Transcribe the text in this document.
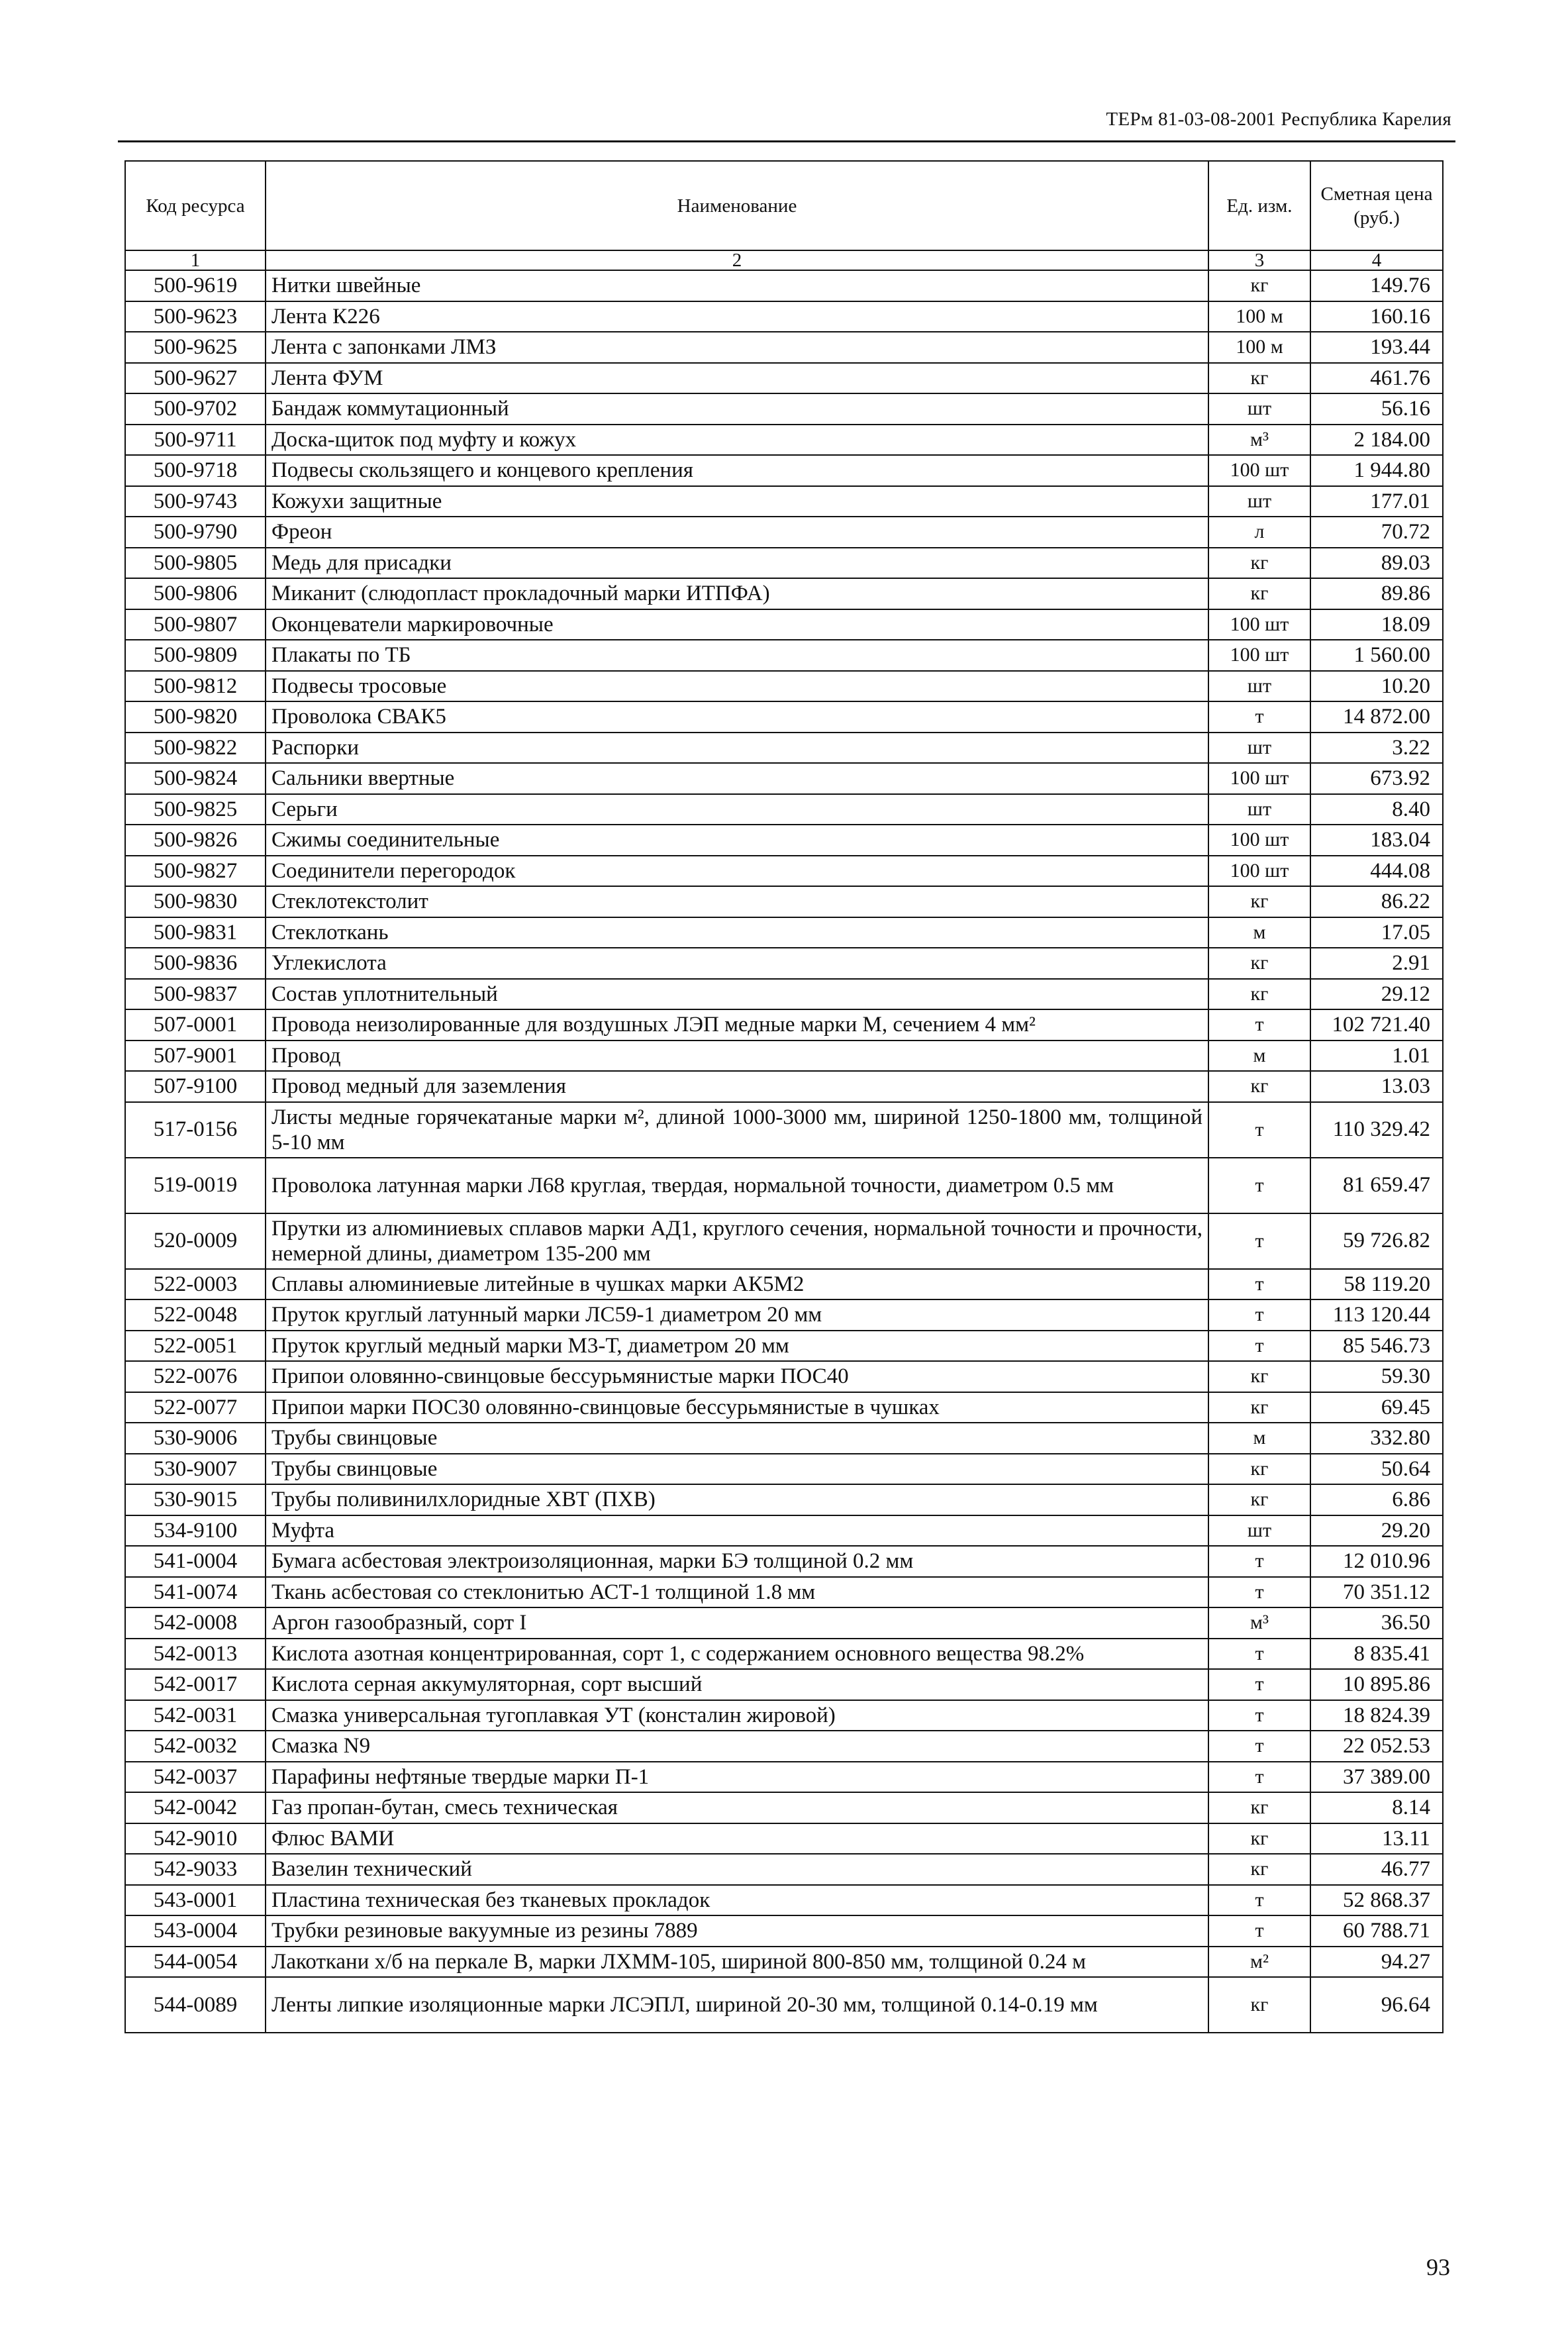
ТЕРм 81-03-08-2001 Республика Карелия
Код ресурса	Наименование	Ед. изм.	Сметная цена (руб.)
1	2	3	4
500-9619	Нитки швейные	кг	149.76
500-9623	Лента К226	100 м	160.16
500-9625	Лента с запонками ЛМЗ	100 м	193.44
500-9627	Лента ФУМ	кг	461.76
500-9702	Бандаж коммутационный	шт	56.16
500-9711	Доска-щиток под муфту и кожух	м³	2 184.00
500-9718	Подвесы скользящего и концевого крепления	100 шт	1 944.80
500-9743	Кожухи защитные	шт	177.01
500-9790	Фреон	л	70.72
500-9805	Медь для присадки	кг	89.03
500-9806	Миканит (слюдопласт прокладочный марки ИТПФА)	кг	89.86
500-9807	Оконцеватели маркировочные	100 шт	18.09
500-9809	Плакаты по ТБ	100 шт	1 560.00
500-9812	Подвесы тросовые	шт	10.20
500-9820	Проволока СВАК5	т	14 872.00
500-9822	Распорки	шт	3.22
500-9824	Сальники ввертные	100 шт	673.92
500-9825	Серьги	шт	8.40
500-9826	Сжимы соединительные	100 шт	183.04
500-9827	Соединители перегородок	100 шт	444.08
500-9830	Стеклотекстолит	кг	86.22
500-9831	Стеклоткань	м	17.05
500-9836	Углекислота	кг	2.91
500-9837	Состав уплотнительный	кг	29.12
507-0001	Провода неизолированные для воздушных ЛЭП медные марки М, сечением 4 мм²	т	102 721.40
507-9001	Провод	м	1.01
507-9100	Провод медный для заземления	кг	13.03
517-0156	Листы медные горячекатаные марки м², длиной 1000-3000 мм, шириной 1250-1800 мм, толщиной 5-10 мм	т	110 329.42
519-0019	Проволока латунная марки Л68 круглая, твердая, нормальной точности, диаметром 0.5 мм	т	81 659.47
520-0009	Прутки из алюминиевых сплавов марки АД1, круглого сечения, нормальной точности и прочности, немерной длины, диаметром 135-200 мм	т	59 726.82
522-0003	Сплавы алюминиевые литейные в чушках марки АК5М2	т	58 119.20
522-0048	Пруток круглый латунный марки ЛС59-1 диаметром 20 мм	т	113 120.44
522-0051	Пруток круглый медный марки М3-Т, диаметром 20 мм	т	85 546.73
522-0076	Припои оловянно-свинцовые бессурьмянистые марки ПОС40	кг	59.30
522-0077	Припои марки ПОС30 оловянно-свинцовые бессурьмянистые в чушках	кг	69.45
530-9006	Трубы свинцовые	м	332.80
530-9007	Трубы свинцовые	кг	50.64
530-9015	Трубы поливинилхлоридные ХВТ (ПХВ)	кг	6.86
534-9100	Муфта	шт	29.20
541-0004	Бумага асбестовая электроизоляционная, марки БЭ толщиной 0.2 мм	т	12 010.96
541-0074	Ткань асбестовая со стеклонитью АСТ-1 толщиной 1.8 мм	т	70 351.12
542-0008	Аргон газообразный, сорт I	м³	36.50
542-0013	Кислота азотная концентрированная, сорт 1, с содержанием основного вещества 98.2%	т	8 835.41
542-0017	Кислота серная аккумуляторная, сорт высший	т	10 895.86
542-0031	Смазка универсальная тугоплавкая УТ (консталин жировой)	т	18 824.39
542-0032	Смазка N9	т	22 052.53
542-0037	Парафины нефтяные твердые марки П-1	т	37 389.00
542-0042	Газ пропан-бутан, смесь техническая	кг	8.14
542-9010	Флюс ВАМИ	кг	13.11
542-9033	Вазелин технический	кг	46.77
543-0001	Пластина техническая без тканевых прокладок	т	52 868.37
543-0004	Трубки резиновые вакуумные из резины 7889	т	60 788.71
544-0054	Лакоткани х/б на перкале В, марки ЛХММ-105, шириной 800-850 мм, толщиной 0.24 м	м²	94.27
544-0089	Ленты липкие изоляционные марки ЛСЭПЛ, шириной 20-30 мм, толщиной 0.14-0.19 мм	кг	96.64
93
